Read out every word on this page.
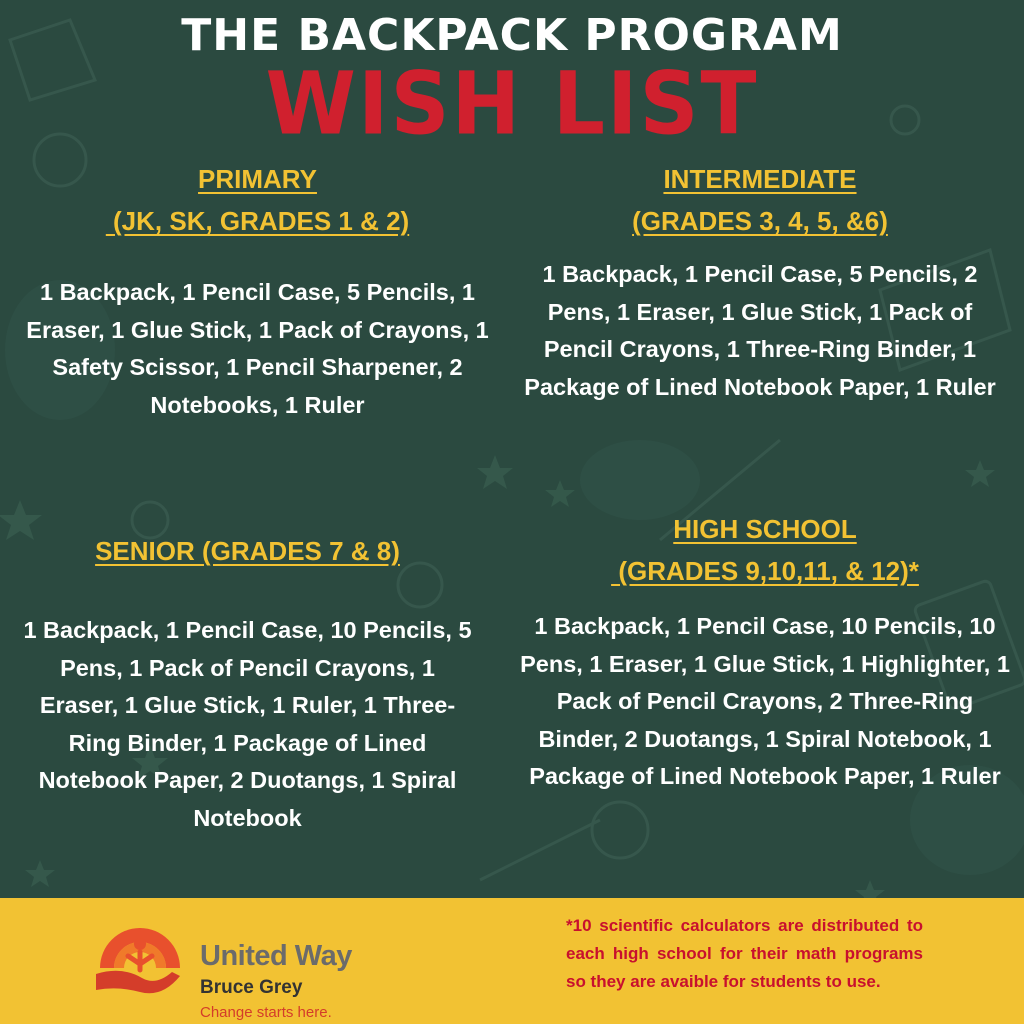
THE BACKPACK PROGRAM
WISH LIST
PRIMARY
(JK, SK, GRADES 1 & 2)
1 Backpack, 1 Pencil Case, 5 Pencils, 1 Eraser, 1 Glue Stick, 1 Pack of Crayons, 1 Safety Scissor, 1 Pencil Sharpener, 2 Notebooks, 1 Ruler
INTERMEDIATE
(GRADES 3, 4, 5, &6)
1 Backpack, 1 Pencil Case, 5 Pencils, 2 Pens, 1 Eraser, 1 Glue Stick, 1 Pack of Pencil Crayons, 1 Three-Ring Binder, 1 Package of Lined Notebook Paper, 1 Ruler
SENIOR (GRADES 7 & 8)
1 Backpack, 1 Pencil Case, 10 Pencils, 5 Pens, 1 Pack of Pencil Crayons, 1 Eraser, 1 Glue Stick, 1 Ruler, 1 Three-Ring Binder, 1 Package of Lined Notebook Paper, 2 Duotangs, 1 Spiral Notebook
HIGH SCHOOL
(GRADES 9,10,11, & 12)*
1 Backpack, 1 Pencil Case, 10 Pencils, 10 Pens, 1 Eraser, 1 Glue Stick, 1 Highlighter, 1 Pack of Pencil Crayons, 2 Three-Ring Binder, 2 Duotangs, 1 Spiral Notebook, 1 Package of Lined Notebook Paper, 1 Ruler
United Way
Bruce Grey
Change starts here.
*10 scientific calculators are distributed to each high school for their math programs so they are avaible for students to use.
